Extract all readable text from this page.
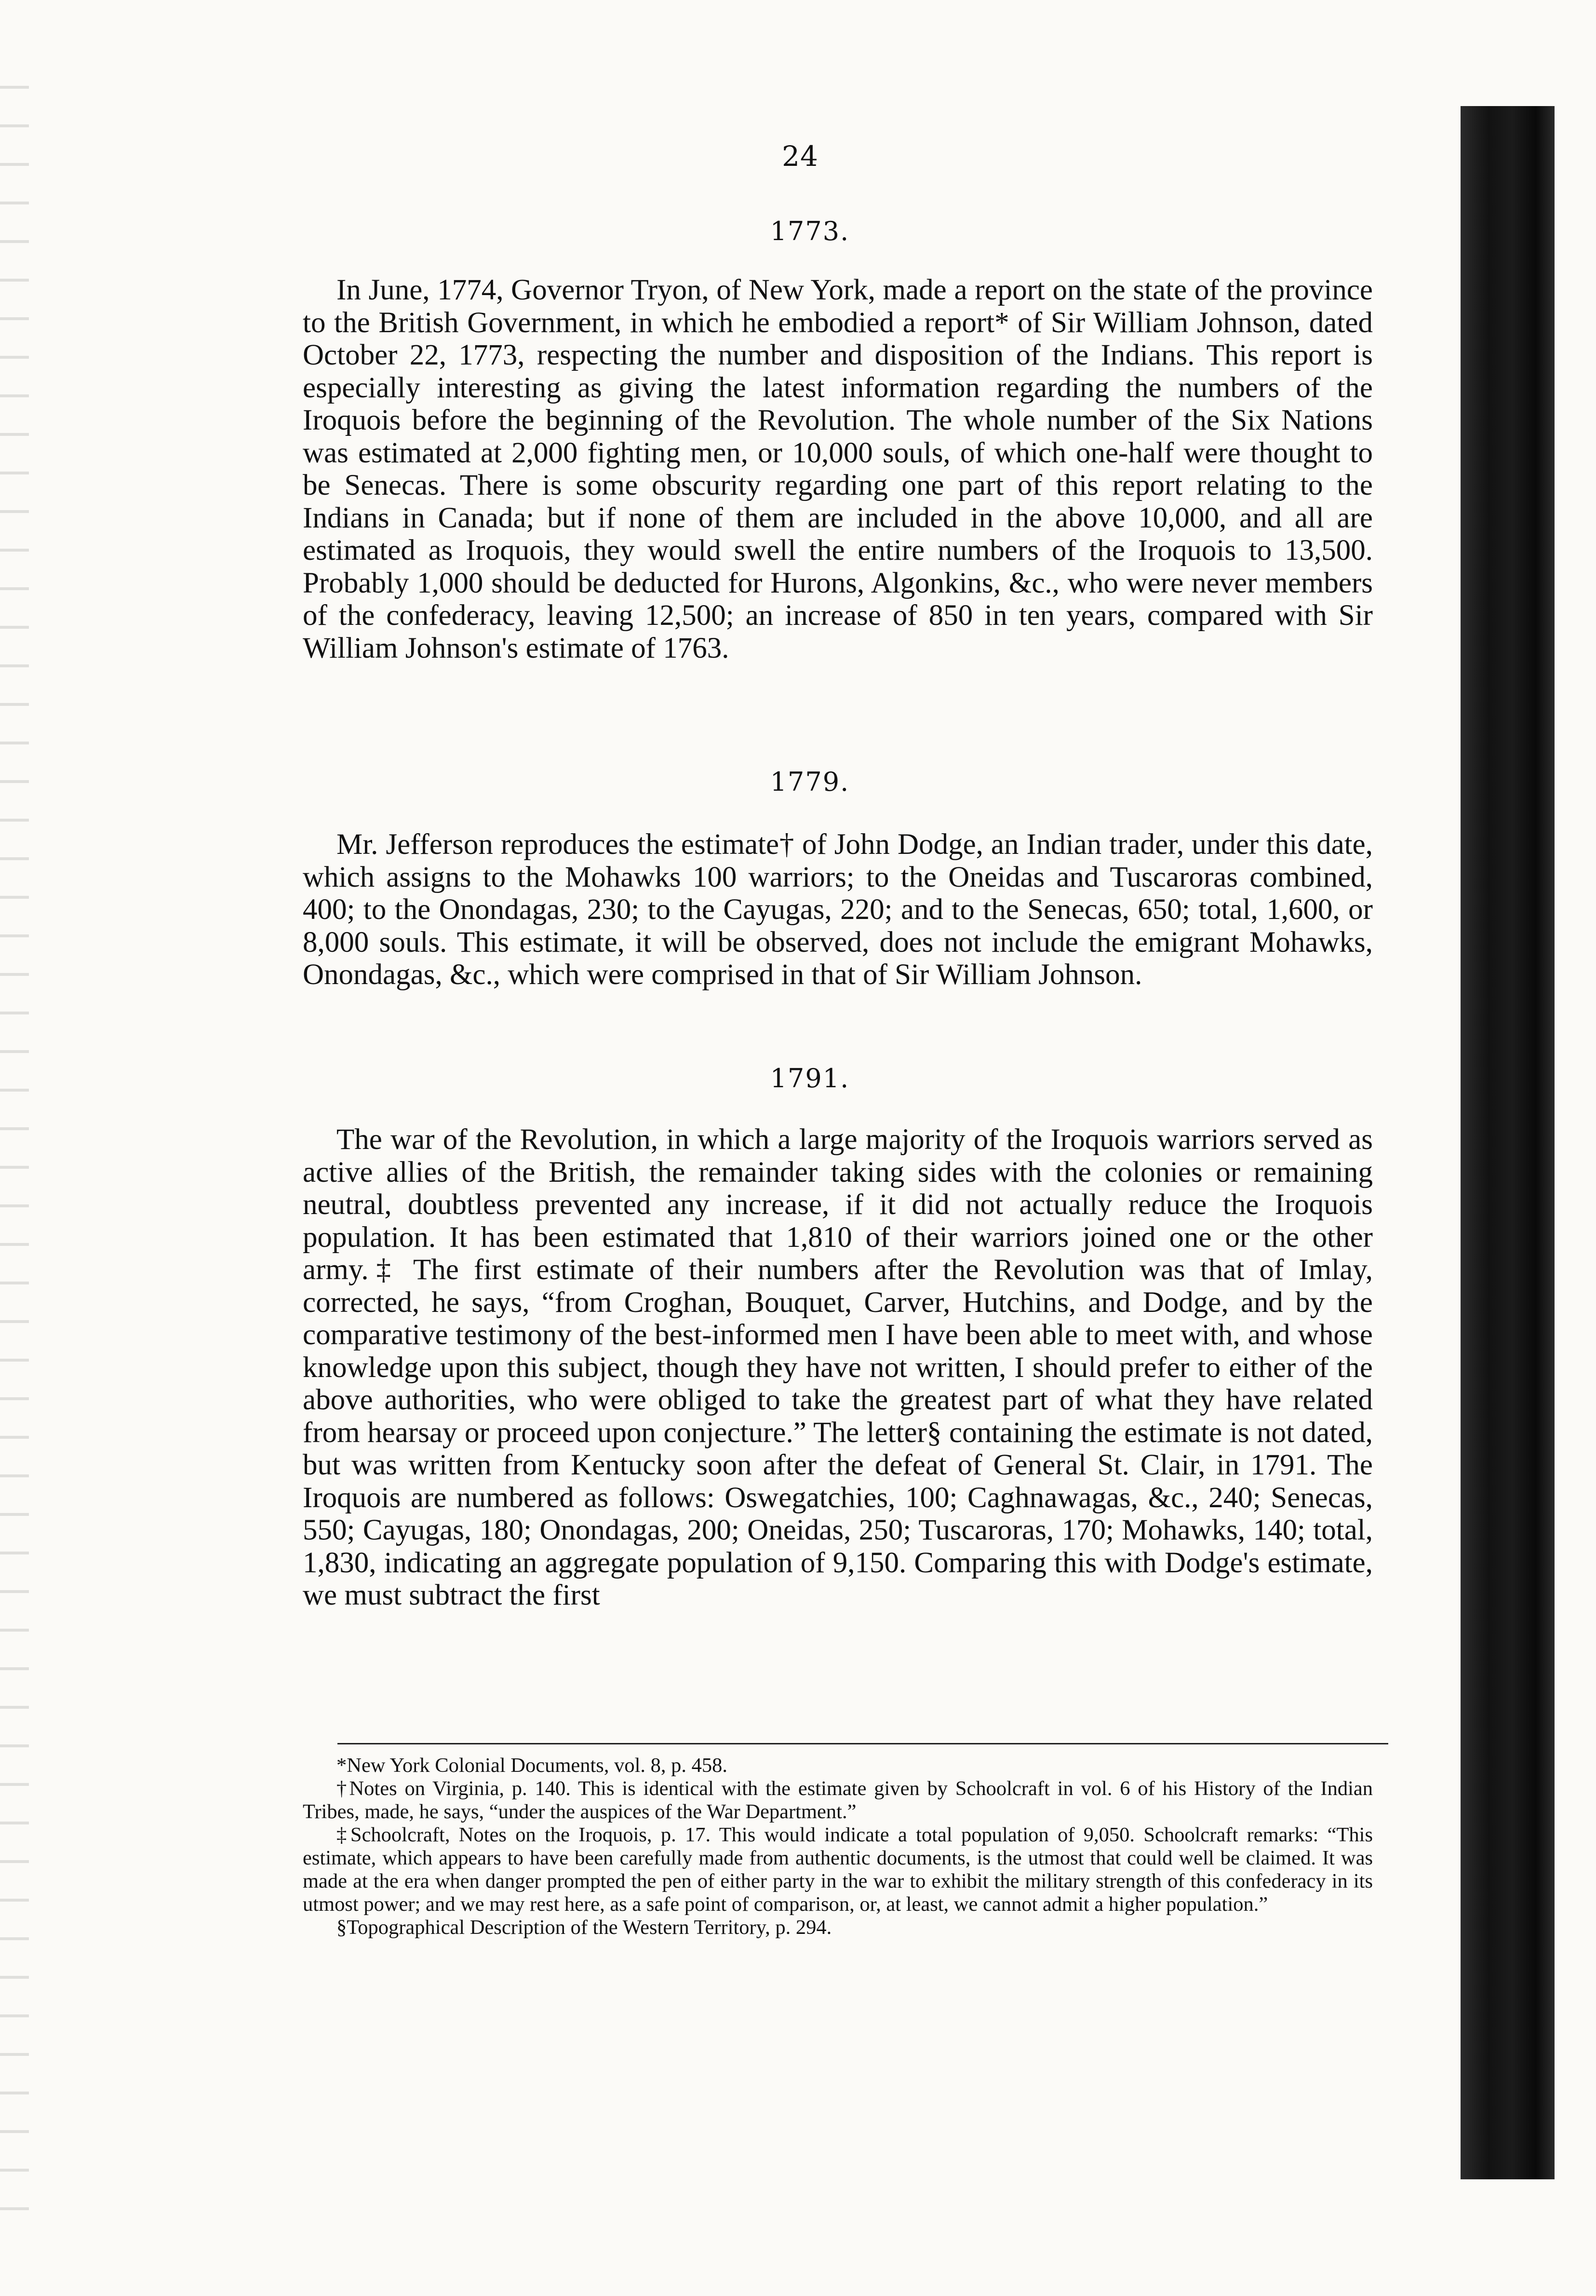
24
1773.

In June, 1774, Governor Tryon, of New York, made a report on the state of the province to the British Government, in which he embodied a report* of Sir William Johnson, dated October 22, 1773, respecting the number and disposition of the Indians. This report is especially interesting as giving the latest information regarding the numbers of the Iroquois before the beginning of the Revolution. The whole number of the Six Nations was estimated at 2,000 fighting men, or 10,000 souls, of which one-half were thought to be Senecas. There is some obscurity regarding one part of this report relating to the Indians in Canada; but if none of them are included in the above 10,000, and all are estimated as Iroquois, they would swell the entire numbers of the Iroquois to 13,500. Probably 1,000 should be deducted for Hurons, Algonkins, &c., who were never members of the confederacy, leaving 12,500; an increase of 850 in ten years, compared with Sir William Johnson's estimate of 1763.

1779.

Mr. Jefferson reproduces the estimate† of John Dodge, an Indian trader, under this date, which assigns to the Mohawks 100 warriors; to the Oneidas and Tuscaroras combined, 400; to the Onondagas, 230; to the Cayugas, 220; and to the Senecas, 650; total, 1,600, or 8,000 souls. This estimate, it will be observed, does not include the emigrant Mohawks, Onondagas, &c., which were comprised in that of Sir William Johnson.

1791.

The war of the Revolution, in which a large majority of the Iroquois warriors served as active allies of the British, the remainder taking sides with the colonies or remaining neutral, doubtless prevented any increase, if it did not actually reduce the Iroquois population. It has been estimated that 1,810 of their warriors joined one or the other army.‡ The first estimate of their numbers after the Revolution was that of Imlay, corrected, he says, “from Croghan, Bouquet, Carver, Hutchins, and Dodge, and by the comparative testimony of the best-informed men I have been able to meet with, and whose knowledge upon this subject, though they have not written, I should prefer to either of the above authorities, who were obliged to take the greatest part of what they have related from hearsay or proceed upon conjecture.” The letter§ containing the estimate is not dated, but was written from Kentucky soon after the defeat of General St. Clair, in 1791. The Iroquois are numbered as follows: Oswegatchies, 100; Caghnawagas, &c., 240; Senecas, 550; Cayugas, 180; Onondagas, 200; Oneidas, 250; Tuscaroras, 170; Mohawks, 140; total, 1,830, indicating an aggregate population of 9,150. Comparing this with Dodge's estimate, we must subtract the first

*New York Colonial Documents, vol. 8, p. 458.

†Notes on Virginia, p. 140. This is identical with the estimate given by Schoolcraft in vol. 6 of his History of the Indian Tribes, made, he says, “under the auspices of the War Department.”

‡Schoolcraft, Notes on the Iroquois, p. 17. This would indicate a total population of 9,050. Schoolcraft remarks: “This estimate, which appears to have been carefully made from authentic documents, is the utmost that could well be claimed. It was made at the era when danger prompted the pen of either party in the war to exhibit the military strength of this confederacy in its utmost power; and we may rest here, as a safe point of comparison, or, at least, we cannot admit a higher population.”

§Topographical Description of the Western Territory, p. 294.
